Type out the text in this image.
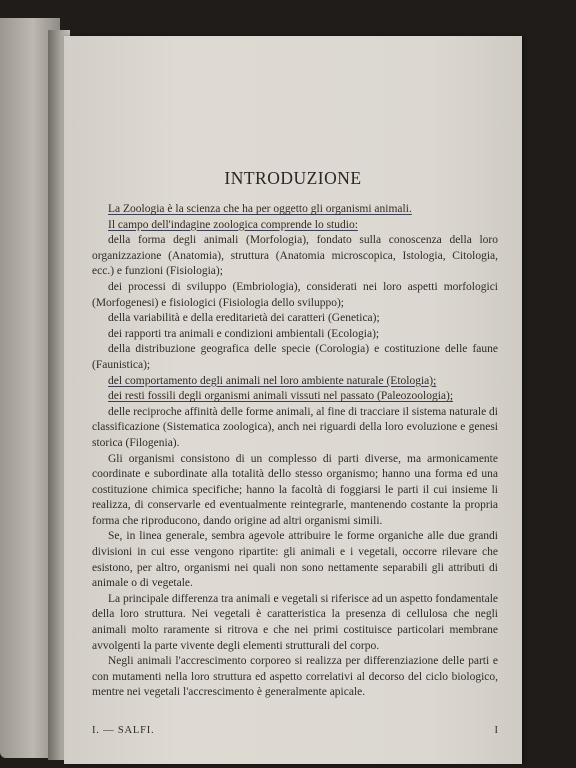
INTRODUZIONE

La Zoologia è la scienza che ha per oggetto gli organismi animali.

Il campo dell'indagine zoologica comprende lo studio:

della forma degli animali (Morfologia), fondato sulla conoscenza della loro organizzazione (Anatomia), struttura (Anatomia microscopica, Istologia, Citologia, ecc.) e funzioni (Fisiologia);

dei processi di sviluppo (Embriologia), considerati nei loro aspetti morfologici (Morfogenesi) e fisiologici (Fisiologia dello sviluppo);

della variabilità e della ereditarietà dei caratteri (Genetica);

dei rapporti tra animali e condizioni ambientali (Ecologia);

della distribuzione geografica delle specie (Corologia) e costituzione delle faune (Faunistica);

del comportamento degli animali nel loro ambiente naturale (Etologia);

dei resti fossili degli organismi animali vissuti nel passato (Paleozoologia);

delle reciproche affinità delle forme animali, al fine di tracciare il sistema naturale di classificazione (Sistematica zoologica), anch nei riguardi della loro evoluzione e genesi storica (Filogenia).

Gli organismi consistono di un complesso di parti diverse, ma armonicamente coordinate e subordinate alla totalità dello stesso organismo; hanno una forma ed una costituzione chimica specifiche; hanno la facoltà di foggiarsi le parti il cui insieme li realizza, di conservarle ed eventualmente reintegrarle, mantenendo costante la propria forma che riproducono, dando origine ad altri organismi simili.

Se, in linea generale, sembra agevole attribuire le forme organiche alle due grandi divisioni in cui esse vengono ripartite: gli animali e i vegetali, occorre rilevare che esistono, per altro, organismi nei quali non sono nettamente separabili gli attributi di animale o di vegetale.

La principale differenza tra animali e vegetali si riferisce ad un aspetto fondamentale della loro struttura. Nei vegetali è caratteristica la presenza di cellulosa che negli animali molto raramente si ritrova e che nei primi costituisce particolari membrane avvolgenti la parte vivente degli elementi strutturali del corpo.

Negli animali l'accrescimento corporeo si realizza per differenziazione delle parti e con mutamenti nella loro struttura ed aspetto correlativi al decorso del ciclo biologico, mentre nei vegetali l'accrescimento è generalmente apicale.

I. — SALFI.	I
